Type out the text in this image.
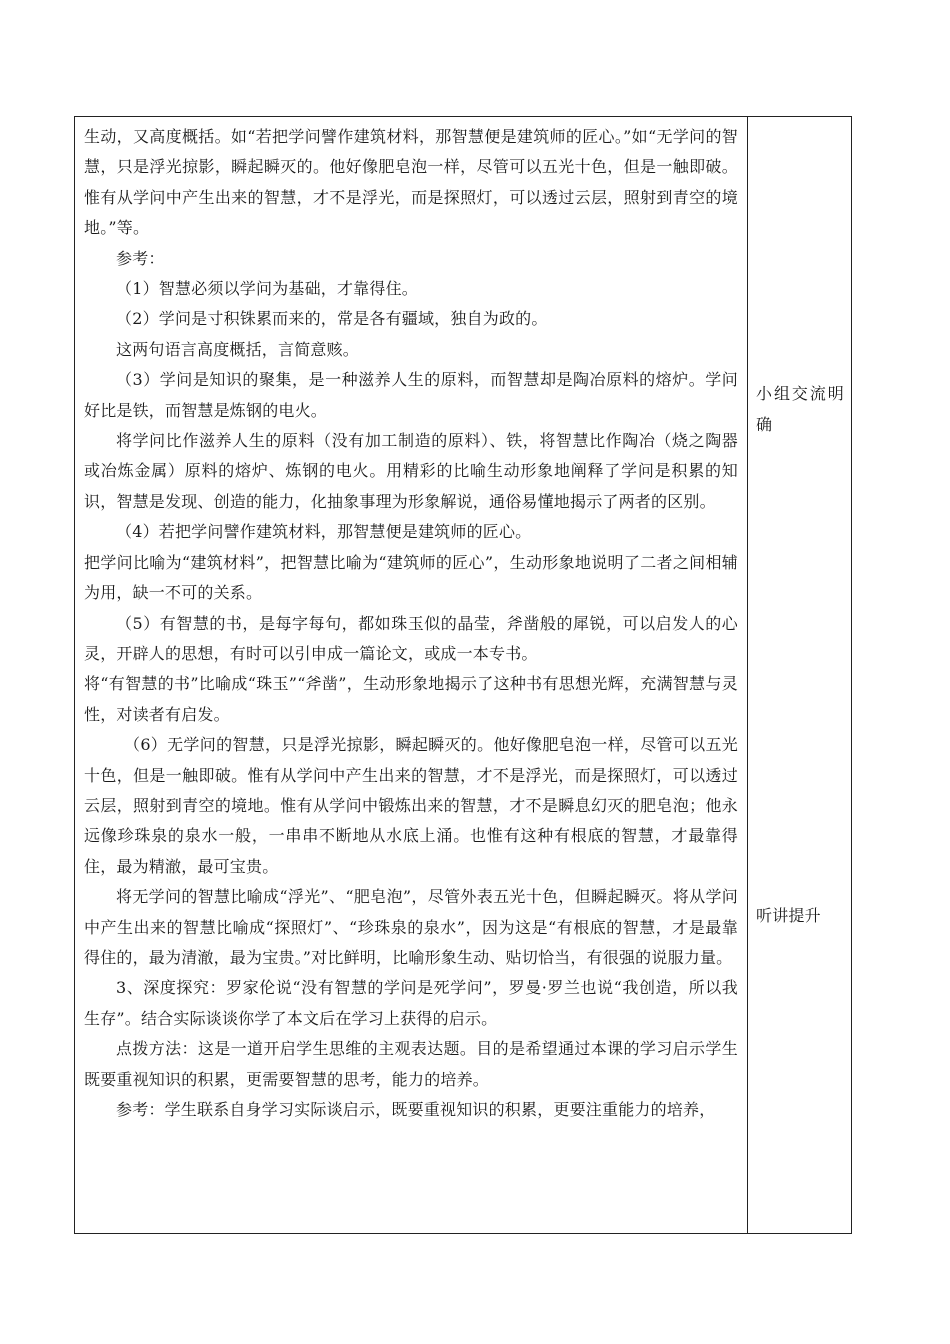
生动，又高度概括。如“若把学问譬作建筑材料，那智慧便是建筑师的匠心。”如“无学问的智慧，只是浮光掠影，瞬起瞬灭的。他好像肥皂泡一样，尽管可以五光十色，但是一触即破。惟有从学问中产生出来的智慧，才不是浮光，而是探照灯，可以透过云层，照射到青空的境地。”等。

参考：

（1）智慧必须以学问为基础，才靠得住。

（2）学问是寸积铢累而来的，常是各有疆域，独自为政的。

这两句语言高度概括，言简意赅。

（3）学问是知识的聚集，是一种滋养人生的原料，而智慧却是陶冶原料的熔炉。学问好比是铁，而智慧是炼钢的电火。

将学问比作滋养人生的原料（没有加工制造的原料）、铁，将智慧比作陶冶（烧之陶器或冶炼金属）原料的熔炉、炼钢的电火。用精彩的比喻生动形象地阐释了学问是积累的知识，智慧是发现、创造的能力，化抽象事理为形象解说，通俗易懂地揭示了两者的区别。

（4）若把学问譬作建筑材料，那智慧便是建筑师的匠心。

把学问比喻为“建筑材料”，把智慧比喻为“建筑师的匠心”，生动形象地说明了二者之间相辅为用，缺一不可的关系。

（5）有智慧的书，是每字每句，都如珠玉似的晶莹，斧凿般的犀锐，可以启发人的心灵，开辟人的思想，有时可以引申成一篇论文，或成一本专书。

将“有智慧的书”比喻成“珠玉”“斧凿”，生动形象地揭示了这种书有思想光辉，充满智慧与灵性，对读者有启发。

（6）无学问的智慧，只是浮光掠影，瞬起瞬灭的。他好像肥皂泡一样，尽管可以五光十色，但是一触即破。惟有从学问中产生出来的智慧，才不是浮光，而是探照灯，可以透过云层，照射到青空的境地。惟有从学问中锻炼出来的智慧，才不是瞬息幻灭的肥皂泡；他永远像珍珠泉的泉水一般，一串串不断地从水底上涌。也惟有这种有根底的智慧，才最靠得住，最为精澈，最可宝贵。

将无学问的智慧比喻成“浮光”、“肥皂泡”，尽管外表五光十色，但瞬起瞬灭。将从学问中产生出来的智慧比喻成“探照灯”、“珍珠泉的泉水”，因为这是“有根底的智慧，才是最靠得住的，最为清澈，最为宝贵。”对比鲜明，比喻形象生动、贴切恰当，有很强的说服力量。

3、深度探究：罗家伦说“没有智慧的学问是死学问”，罗曼·罗兰也说“我创造，所以我生存”。结合实际谈谈你学了本文后在学习上获得的启示。

点拨方法：这是一道开启学生思维的主观表达题。目的是希望通过本课的学习启示学生既要重视知识的积累，更需要智慧的思考，能力的培养。

参考：学生联系自身学习实际谈启示，既要重视知识的积累，更要注重能力的培养，

小组交流明确

听讲提升
